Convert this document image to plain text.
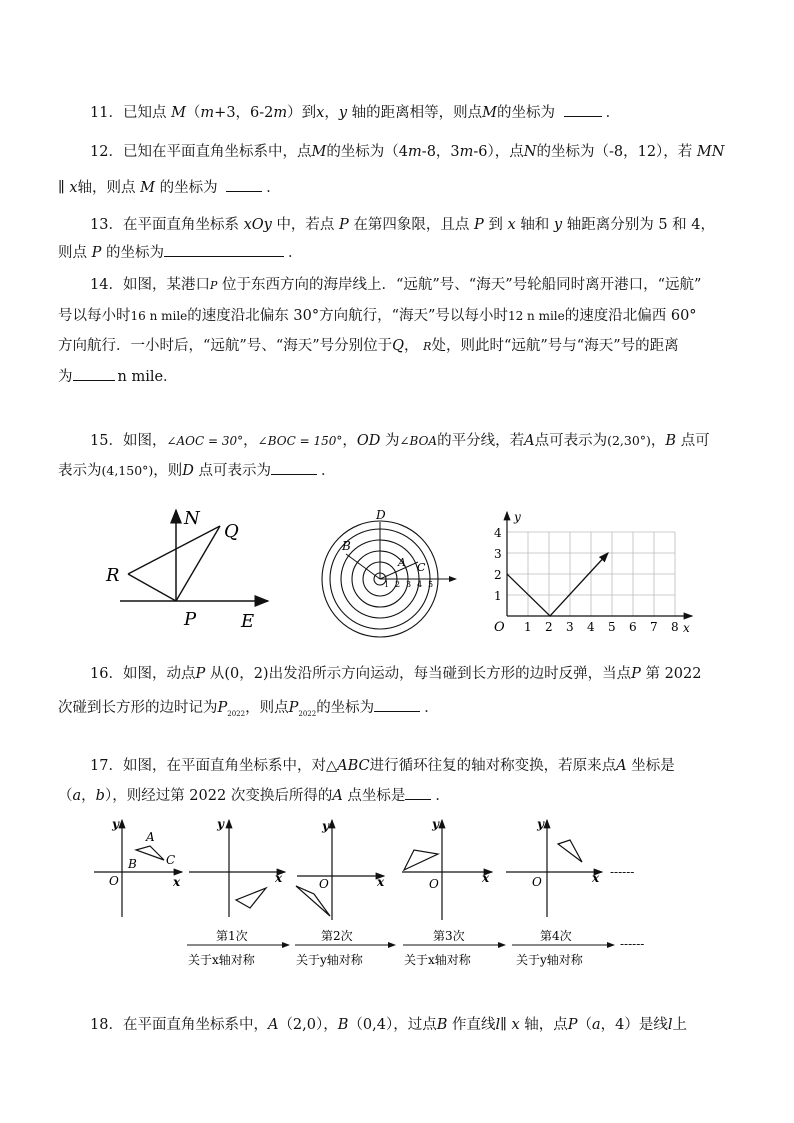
11．已知点 M（m+3，6-2m）到x，y 轴的距离相等，则点M的坐标为	．
12．已知在平面直角坐标系中，点M的坐标为（4m-8，3m-6），点N的坐标为（-8，12），若 MN
∥ x轴，则点 M 的坐标为	．
13．在平面直角坐标系 xOy 中，若点 P 在第四象限，且点 P 到 x 轴和 y 轴距离分别为 5 和 4，
则点 P 的坐标为	．
14．如图，某港口P 位于东西方向的海岸线上．“远航”号、“海天”号轮船同时离开港口，“远航”
号以每小时16 n mile的速度沿北偏东 30°方向航行，“海天”号以每小时12 n mile的速度沿北偏西 60°
方向航行．一小时后，“远航”号、“海天”号分别位于Q， R处，则此时“远航”号与“海天”号的距离
为	n mile．
15．如图，∠AOC = 30°，∠BOC = 150°，OD 为∠BOA的平分线，若A点可表示为(2,30°)，B 点可
表示为(4,150°)，则D 点可表示为	．
N
Q
R
P E
D
B
A C
1 2 3 4 5
y
x
O 1 2 3 4 5 6 7 8
1
2
3
4
16．如图，动点P 从(0，2)出发沿所示方向运动，每当碰到长方形的边时反弹，当点P 第 2022
次碰到长方形的边时记为$P_{2022}$，则点$P_{2022}$的坐标为	．
17．如图，在平面直角坐标系中，对△ABC进行循环往复的轴对称变换，若原来点A 坐标是
（a，b），则经过第 2022 次变换后所得的A 点坐标是 ．
y
x
O
A
B C
y
x
y
x
O
y
x
O
y
x
O
------
第1次
关于x轴对称
第2次
关于y轴对称
第3次
关于x轴对称
第4次
关于y轴对称
------
18．在平面直角坐标系中，A（2,0），B（0,4），过点B 作直线l∥ x 轴，点P（a，4）是线l上
